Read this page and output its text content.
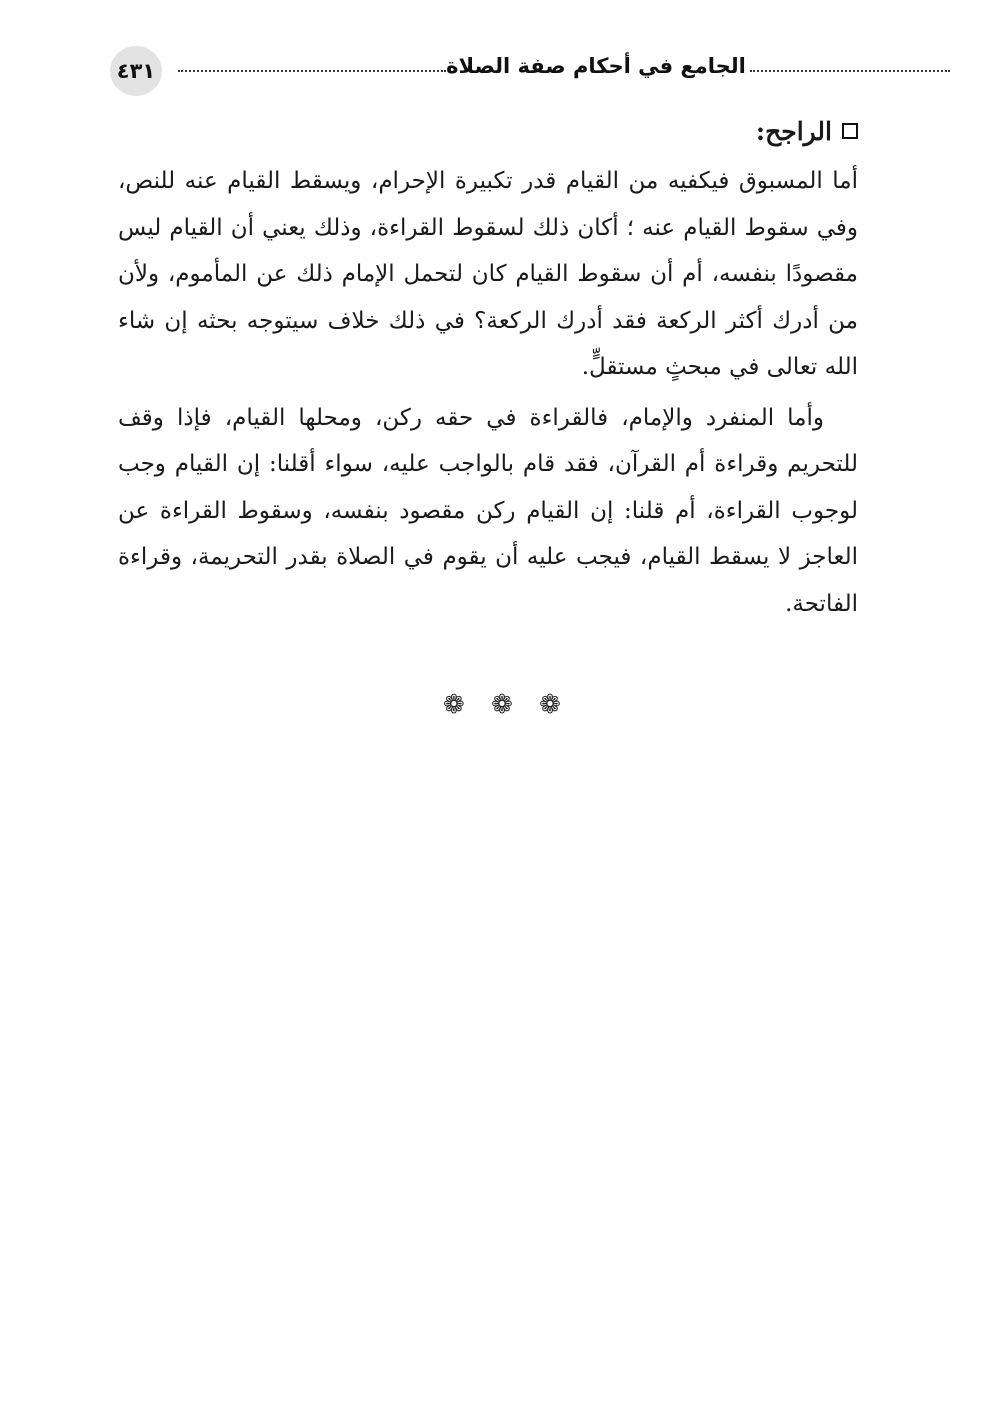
٤٣١	الجامع في أحكام صفة الصلاة
الراجح:

أما المسبوق فيكفيه من القيام قدر تكبيرة الإحرام، ويسقط القيام عنه للنص، وفي سقوط القيام عنه ؛ أكان ذلك لسقوط القراءة، وذلك يعني أن القيام ليس مقصودًا بنفسه، أم أن سقوط القيام كان لتحمل الإمام ذلك عن المأموم، ولأن من أدرك أكثر الركعة فقد أدرك الركعة؟ في ذلك خلاف سيتوجه بحثه إن شاء الله تعالى في مبحثٍ مستقلٍّ.

وأما المنفرد والإمام، فالقراءة في حقه ركن، ومحلها القيام، فإذا وقف للتحريم وقراءة أم القرآن، فقد قام بالواجب عليه، سواء أقلنا: إن القيام وجب لوجوب القراءة، أم قلنا: إن القيام ركن مقصود بنفسه، وسقوط القراءة عن العاجز لا يسقط القيام، فيجب عليه أن يقوم في الصلاة بقدر التحريمة، وقراءة الفاتحة.

❁ ❁ ❁
